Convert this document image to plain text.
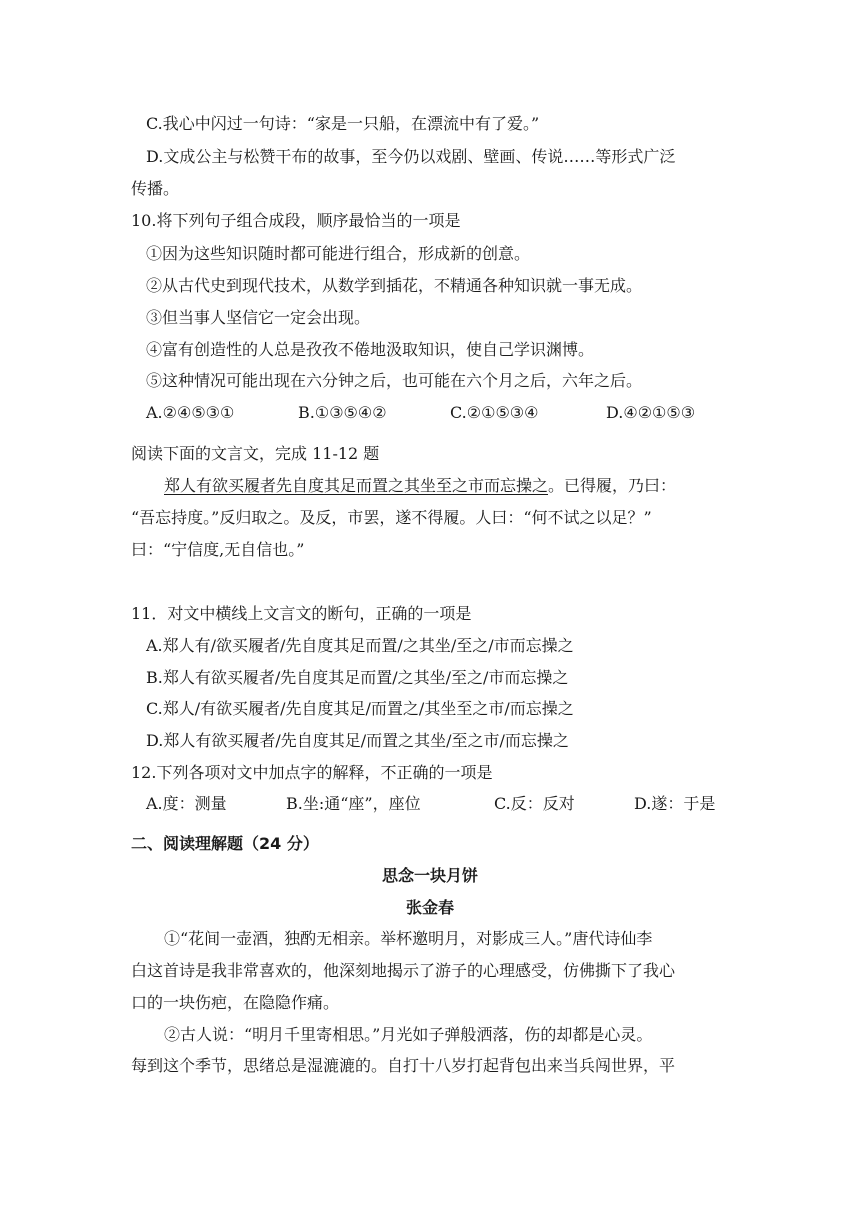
C.我心中闪过一句诗：“家是一只船，在漂流中有了爱。”
D.文成公主与松赞干布的故事，至今仍以戏剧、壁画、传说……等形式广泛
传播。
10.将下列句子组合成段，顺序最恰当的一项是
①因为这些知识随时都可能进行组合，形成新的创意。
②从古代史到现代技术，从数学到插花，不精通各种知识就一事无成。
③但当事人坚信它一定会出现。
④富有创造性的人总是孜孜不倦地汲取知识，使自己学识渊博。
⑤这种情况可能出现在六分钟之后，也可能在六个月之后，六年之后。
A.②④⑤③①	B.①③⑤④②	C.②①⑤③④	D.④②①⑤③
阅读下面的文言文，完成 11-12 题
郑人有欲买履者先自度其足而置之其坐至之市而忘操之。已得履，乃曰：
“吾忘持度。”反归取之。及反，市罢，遂不得履。人曰：“何不试之以足？”
曰：“宁信度,无自信也。”
11．对文中横线上文言文的断句，正确的一项是
A.郑人有/欲买履者/先自度其足而置/之其坐/至之/市而忘操之
B.郑人有欲买履者/先自度其足而置/之其坐/至之/市而忘操之
C.郑人/有欲买履者/先自度其足/而置之/其坐至之市/而忘操之
D.郑人有欲买履者/先自度其足/而置之其坐/至之市/而忘操之
12.下列各项对文中加点字的解释，不正确的一项是
A.度：测量	B.坐:通“座”，座位	C.反：反对	D.遂：于是
二、阅读理解题（24 分）
思念一块月饼
张金春
①“花间一壶酒，独酌无相亲。举杯邀明月，对影成三人。”唐代诗仙李
白这首诗是我非常喜欢的，他深刻地揭示了游子的心理感受，仿佛撕下了我心
口的一块伤疤，在隐隐作痛。
②古人说：“明月千里寄相思。”月光如子弹般洒落，伤的却都是心灵。
每到这个季节，思绪总是湿漉漉的。自打十八岁打起背包出来当兵闯世界，平
